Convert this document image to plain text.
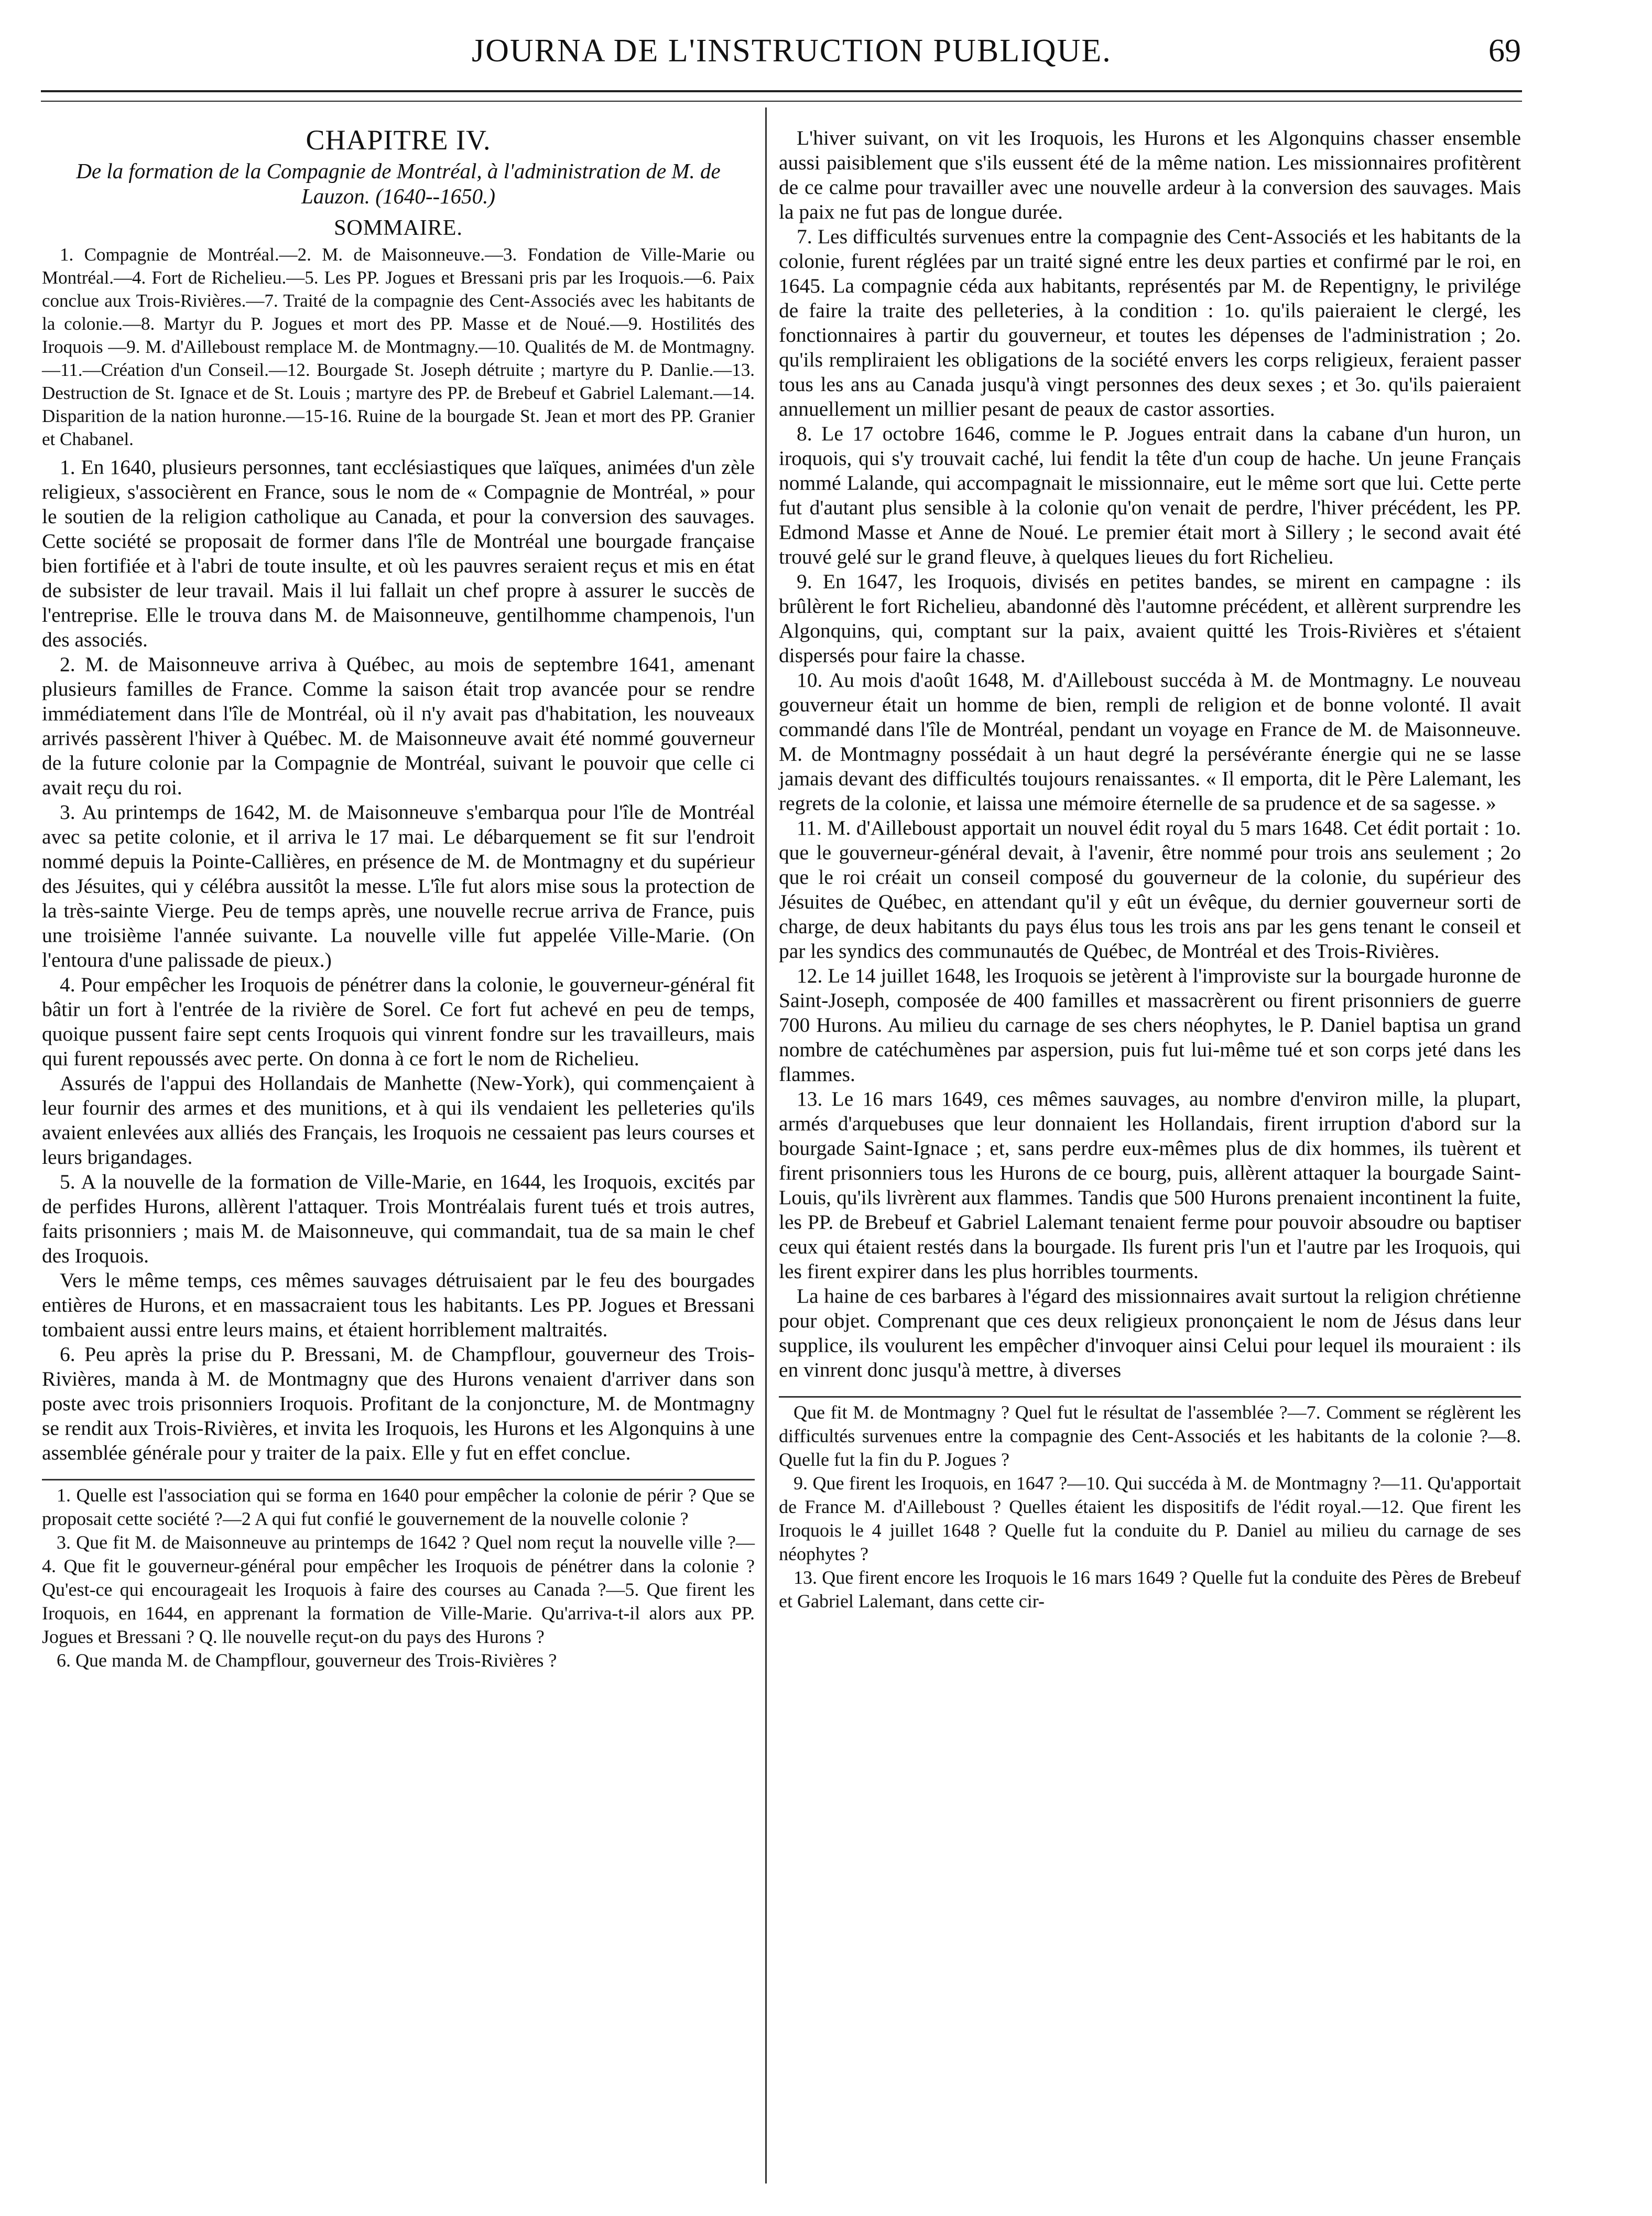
JOURNA DE L'INSTRUCTION PUBLIQUE.	69
CHAPITRE IV.
De la formation de la Compagnie de Montréal, à l'administration de M. de Lauzon. (1640--1650.)
SOMMAIRE.

1. Compagnie de Montréal.—2. M. de Maisonneuve.—3. Fondation de Ville-Marie ou Montréal.—4. Fort de Richelieu.—5. Les PP. Jogues et Bressani pris par les Iroquois.—6. Paix conclue aux Trois-Rivières.—7. Traité de la compagnie des Cent-Associés avec les habitants de la colonie.—8. Martyr du P. Jogues et mort des PP. Masse et de Noué.—9. Hostilités des Iroquois —9. M. d'Ailleboust remplace M. de Montmagny.—10. Qualités de M. de Montmagny.—11.—Création d'un Conseil.—12. Bourgade St. Joseph détruite ; martyre du P. Danlie.—13. Destruction de St. Ignace et de St. Louis ; martyre des PP. de Brebeuf et Gabriel Lalemant.—14. Disparition de la nation huronne.—15-16. Ruine de la bourgade St. Jean et mort des PP. Granier et Chabanel.

1. En 1640, plusieurs personnes, tant ecclésiastiques que laïques, animées d'un zèle religieux, s'associèrent en France, sous le nom de « Compagnie de Montréal, » pour le soutien de la religion catholique au Canada, et pour la conversion des sauvages. Cette société se proposait de former dans l'île de Montréal une bourgade française bien fortifiée et à l'abri de toute insulte, et où les pauvres seraient reçus et mis en état de subsister de leur travail. Mais il lui fallait un chef propre à assurer le succès de l'entreprise. Elle le trouva dans M. de Maisonneuve, gentilhomme champenois, l'un des associés.

2. M. de Maisonneuve arriva à Québec, au mois de septembre 1641, amenant plusieurs familles de France. Comme la saison était trop avancée pour se rendre immédiatement dans l'île de Montréal, où il n'y avait pas d'habitation, les nouveaux arrivés passèrent l'hiver à Québec. M. de Maisonneuve avait été nommé gouverneur de la future colonie par la Compagnie de Montréal, suivant le pouvoir que celle ci avait reçu du roi.

3. Au printemps de 1642, M. de Maisonneuve s'embarqua pour l'île de Montréal avec sa petite colonie, et il arriva le 17 mai. Le débarquement se fit sur l'endroit nommé depuis la Pointe-Callières, en présence de M. de Montmagny et du supérieur des Jésuites, qui y célébra aussitôt la messe. L'île fut alors mise sous la protection de la très-sainte Vierge. Peu de temps après, une nouvelle recrue arriva de France, puis une troisième l'année suivante. La nouvelle ville fut appelée Ville-Marie. (On l'entoura d'une palissade de pieux.)

4. Pour empêcher les Iroquois de pénétrer dans la colonie, le gouverneur-général fit bâtir un fort à l'entrée de la rivière de Sorel. Ce fort fut achevé en peu de temps, quoique pussent faire sept cents Iroquois qui vinrent fondre sur les travailleurs, mais qui furent repoussés avec perte. On donna à ce fort le nom de Richelieu.

Assurés de l'appui des Hollandais de Manhette (New-York), qui commençaient à leur fournir des armes et des munitions, et à qui ils vendaient les pelleteries qu'ils avaient enlevées aux alliés des Français, les Iroquois ne cessaient pas leurs courses et leurs brigandages.

5. A la nouvelle de la formation de Ville-Marie, en 1644, les Iroquois, excités par de perfides Hurons, allèrent l'attaquer. Trois Montréalais furent tués et trois autres, faits prisonniers ; mais M. de Maisonneuve, qui commandait, tua de sa main le chef des Iroquois.

Vers le même temps, ces mêmes sauvages détruisaient par le feu des bourgades entières de Hurons, et en massacraient tous les habitants. Les PP. Jogues et Bressani tombaient aussi entre leurs mains, et étaient horriblement maltraités.

6. Peu après la prise du P. Bressani, M. de Champflour, gouverneur des Trois-Rivières, manda à M. de Montmagny que des Hurons venaient d'arriver dans son poste avec trois prisonniers Iroquois. Profitant de la conjoncture, M. de Montmagny se rendit aux Trois-Rivières, et invita les Iroquois, les Hurons et les Algonquins à une assemblée générale pour y traiter de la paix. Elle y fut en effet conclue.

1. Quelle est l'association qui se forma en 1640 pour empêcher la colonie de périr ? Que se proposait cette société ?—2 A qui fut confié le gouvernement de la nouvelle colonie ?

3. Que fit M. de Maisonneuve au printemps de 1642 ? Quel nom reçut la nouvelle ville ?—4. Que fit le gouverneur-général pour empêcher les Iroquois de pénétrer dans la colonie ? Qu'est-ce qui encourageait les Iroquois à faire des courses au Canada ?—5. Que firent les Iroquois, en 1644, en apprenant la formation de Ville-Marie. Qu'arriva-t-il alors aux PP. Jogues et Bressani ? Q. lle nouvelle reçut-on du pays des Hurons ?

6. Que manda M. de Champflour, gouverneur des Trois-Rivières ?

L'hiver suivant, on vit les Iroquois, les Hurons et les Algonquins chasser ensemble aussi paisiblement que s'ils eussent été de la même nation. Les missionnaires profitèrent de ce calme pour travailler avec une nouvelle ardeur à la conversion des sauvages. Mais la paix ne fut pas de longue durée.

7. Les difficultés survenues entre la compagnie des Cent-Associés et les habitants de la colonie, furent réglées par un traité signé entre les deux parties et confirmé par le roi, en 1645. La compagnie céda aux habitants, représentés par M. de Repentigny, le privilége de faire la traite des pelleteries, à la condition : 1o. qu'ils paieraient le clergé, les fonctionnaires à partir du gouverneur, et toutes les dépenses de l'administration ; 2o. qu'ils rempliraient les obligations de la société envers les corps religieux, feraient passer tous les ans au Canada jusqu'à vingt personnes des deux sexes ; et 3o. qu'ils paieraient annuellement un millier pesant de peaux de castor assorties.

8. Le 17 octobre 1646, comme le P. Jogues entrait dans la cabane d'un huron, un iroquois, qui s'y trouvait caché, lui fendit la tête d'un coup de hache. Un jeune Français nommé Lalande, qui accompagnait le missionnaire, eut le même sort que lui. Cette perte fut d'autant plus sensible à la colonie qu'on venait de perdre, l'hiver précédent, les PP. Edmond Masse et Anne de Noué. Le premier était mort à Sillery ; le second avait été trouvé gelé sur le grand fleuve, à quelques lieues du fort Richelieu.

9. En 1647, les Iroquois, divisés en petites bandes, se mirent en campagne : ils brûlèrent le fort Richelieu, abandonné dès l'automne précédent, et allèrent surprendre les Algonquins, qui, comptant sur la paix, avaient quitté les Trois-Rivières et s'étaient dispersés pour faire la chasse.

10. Au mois d'août 1648, M. d'Ailleboust succéda à M. de Montmagny. Le nouveau gouverneur était un homme de bien, rempli de religion et de bonne volonté. Il avait commandé dans l'île de Montréal, pendant un voyage en France de M. de Maisonneuve. M. de Montmagny possédait à un haut degré la persévérante énergie qui ne se lasse jamais devant des difficultés toujours renaissantes. « Il emporta, dit le Père Lalemant, les regrets de la colonie, et laissa une mémoire éternelle de sa prudence et de sa sagesse. »

11. M. d'Ailleboust apportait un nouvel édit royal du 5 mars 1648. Cet édit portait : 1o. que le gouverneur-général devait, à l'avenir, être nommé pour trois ans seulement ; 2o que le roi créait un conseil composé du gouverneur de la colonie, du supérieur des Jésuites de Québec, en attendant qu'il y eût un évêque, du dernier gouverneur sorti de charge, de deux habitants du pays élus tous les trois ans par les gens tenant le conseil et par les syndics des communautés de Québec, de Montréal et des Trois-Rivières.

12. Le 14 juillet 1648, les Iroquois se jetèrent à l'improviste sur la bourgade huronne de Saint-Joseph, composée de 400 familles et massacrèrent ou firent prisonniers de guerre 700 Hurons. Au milieu du carnage de ses chers néophytes, le P. Daniel baptisa un grand nombre de catéchumènes par aspersion, puis fut lui-même tué et son corps jeté dans les flammes.

13. Le 16 mars 1649, ces mêmes sauvages, au nombre d'environ mille, la plupart, armés d'arquebuses que leur donnaient les Hollandais, firent irruption d'abord sur la bourgade Saint-Ignace ; et, sans perdre eux-mêmes plus de dix hommes, ils tuèrent et firent prisonniers tous les Hurons de ce bourg, puis, allèrent attaquer la bourgade Saint-Louis, qu'ils livrèrent aux flammes. Tandis que 500 Hurons prenaient incontinent la fuite, les PP. de Brebeuf et Gabriel Lalemant tenaient ferme pour pouvoir absoudre ou baptiser ceux qui étaient restés dans la bourgade. Ils furent pris l'un et l'autre par les Iroquois, qui les firent expirer dans les plus horribles tourments.

La haine de ces barbares à l'égard des missionnaires avait surtout la religion chrétienne pour objet. Comprenant que ces deux religieux prononçaient le nom de Jésus dans leur supplice, ils voulurent les empêcher d'invoquer ainsi Celui pour lequel ils mouraient : ils en vinrent donc jusqu'à mettre, à diverses

Que fit M. de Montmagny ? Quel fut le résultat de l'assemblée ?—7. Comment se réglèrent les difficultés survenues entre la compagnie des Cent-Associés et les habitants de la colonie ?—8. Quelle fut la fin du P. Jogues ?

9. Que firent les Iroquois, en 1647 ?—10. Qui succéda à M. de Montmagny ?—11. Qu'apportait de France M. d'Ailleboust ? Quelles étaient les dispositifs de l'édit royal.—12. Que firent les Iroquois le 4 juillet 1648 ? Quelle fut la conduite du P. Daniel au milieu du carnage de ses néophytes ?

13. Que firent encore les Iroquois le 16 mars 1649 ? Quelle fut la conduite des Pères de Brebeuf et Gabriel Lalemant, dans cette cir-
